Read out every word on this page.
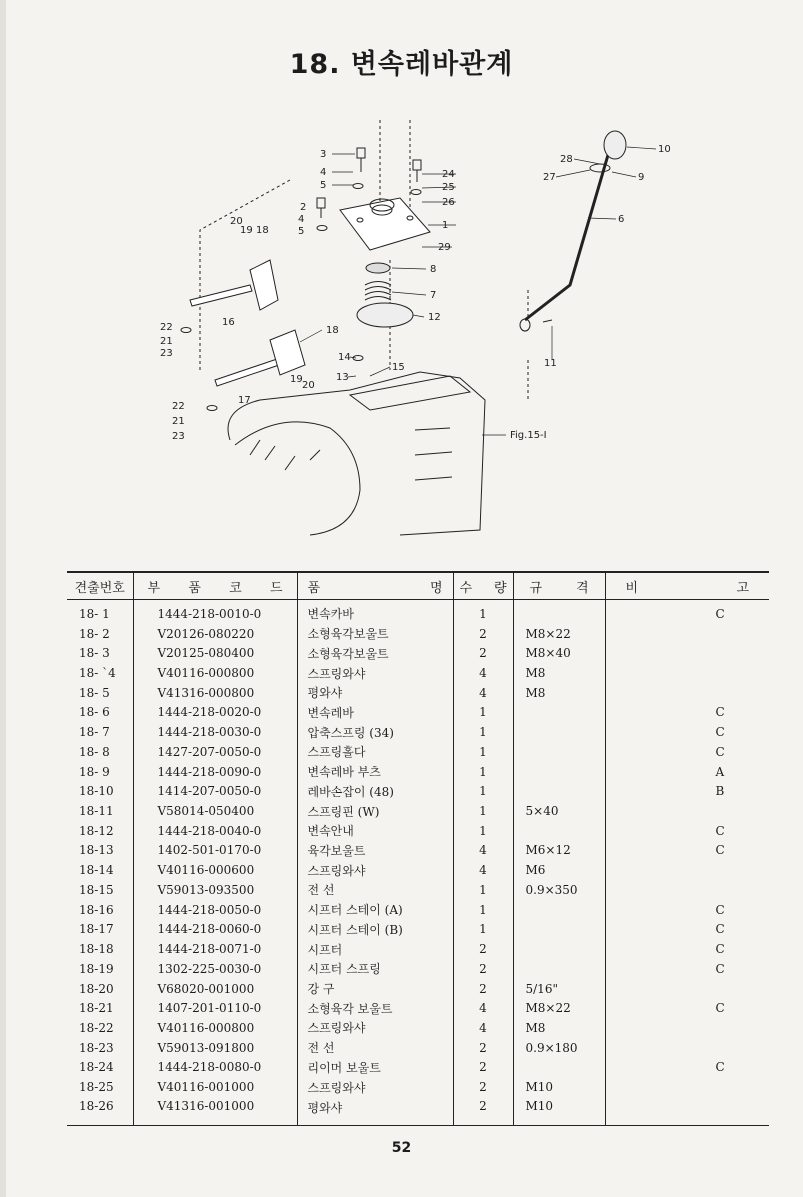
18. 변속레바관계
3
4
5
2
4
5
20
19 18
24
25
26
1
29
8
7
12
10
28
27	9
6
11
18
16
22
21
23	14
13
15
19
20
17
22
21
23	Fig.15-I
견출번호	부 품 코 드	품 명	수 량	규 격	비 고

18- 1	1444-218-0010-0	변속카바	1		C
18- 2	V20126-080220	소형육각보울트	2	M8×22	
18- 3	V20125-080400	소형육각보울트	2	M8×40	
18- `4	V40116-000800	스프링와샤	4	M8	
18- 5	V41316-000800	평와샤	4	M8	
18- 6	1444-218-0020-0	변속레바	1		C
18- 7	1444-218-0030-0	압축스프링 (34)	1		C
18- 8	1427-207-0050-0	스프링홀다	1		C
18- 9	1444-218-0090-0	변속레바 부츠	1		A
18-10	1414-207-0050-0	레바손잡이 (48)	1		B
18-11	V58014-050400	스프링핀 (W)	1	5×40	
18-12	1444-218-0040-0	변속안내	1		C
18-13	1402-501-0170-0	육각보울트	4	M6×12	C
18-14	V40116-000600	스프링와샤	4	M6	
18-15	V59013-093500	전 선	1	0.9×350	
18-16	1444-218-0050-0	시프터 스테이 (A)	1		C
18-17	1444-218-0060-0	시프터 스테이 (B)	1		C
18-18	1444-218-0071-0	시프터	2		C
18-19	1302-225-0030-0	시프터 스프링	2		C
18-20	V68020-001000	강 구	2	5/16"	
18-21	1407-201-0110-0	소형육각 보울트	4	M8×22	C
18-22	V40116-000800	스프링와샤	4	M8	
18-23	V59013-091800	전 선	2	0.9×180	
18-24	1444-218-0080-0	리이머 보울트	2		C
18-25	V40116-001000	스프링와샤	2	M10	
18-26	V41316-001000	평와샤	2	M10	
52
